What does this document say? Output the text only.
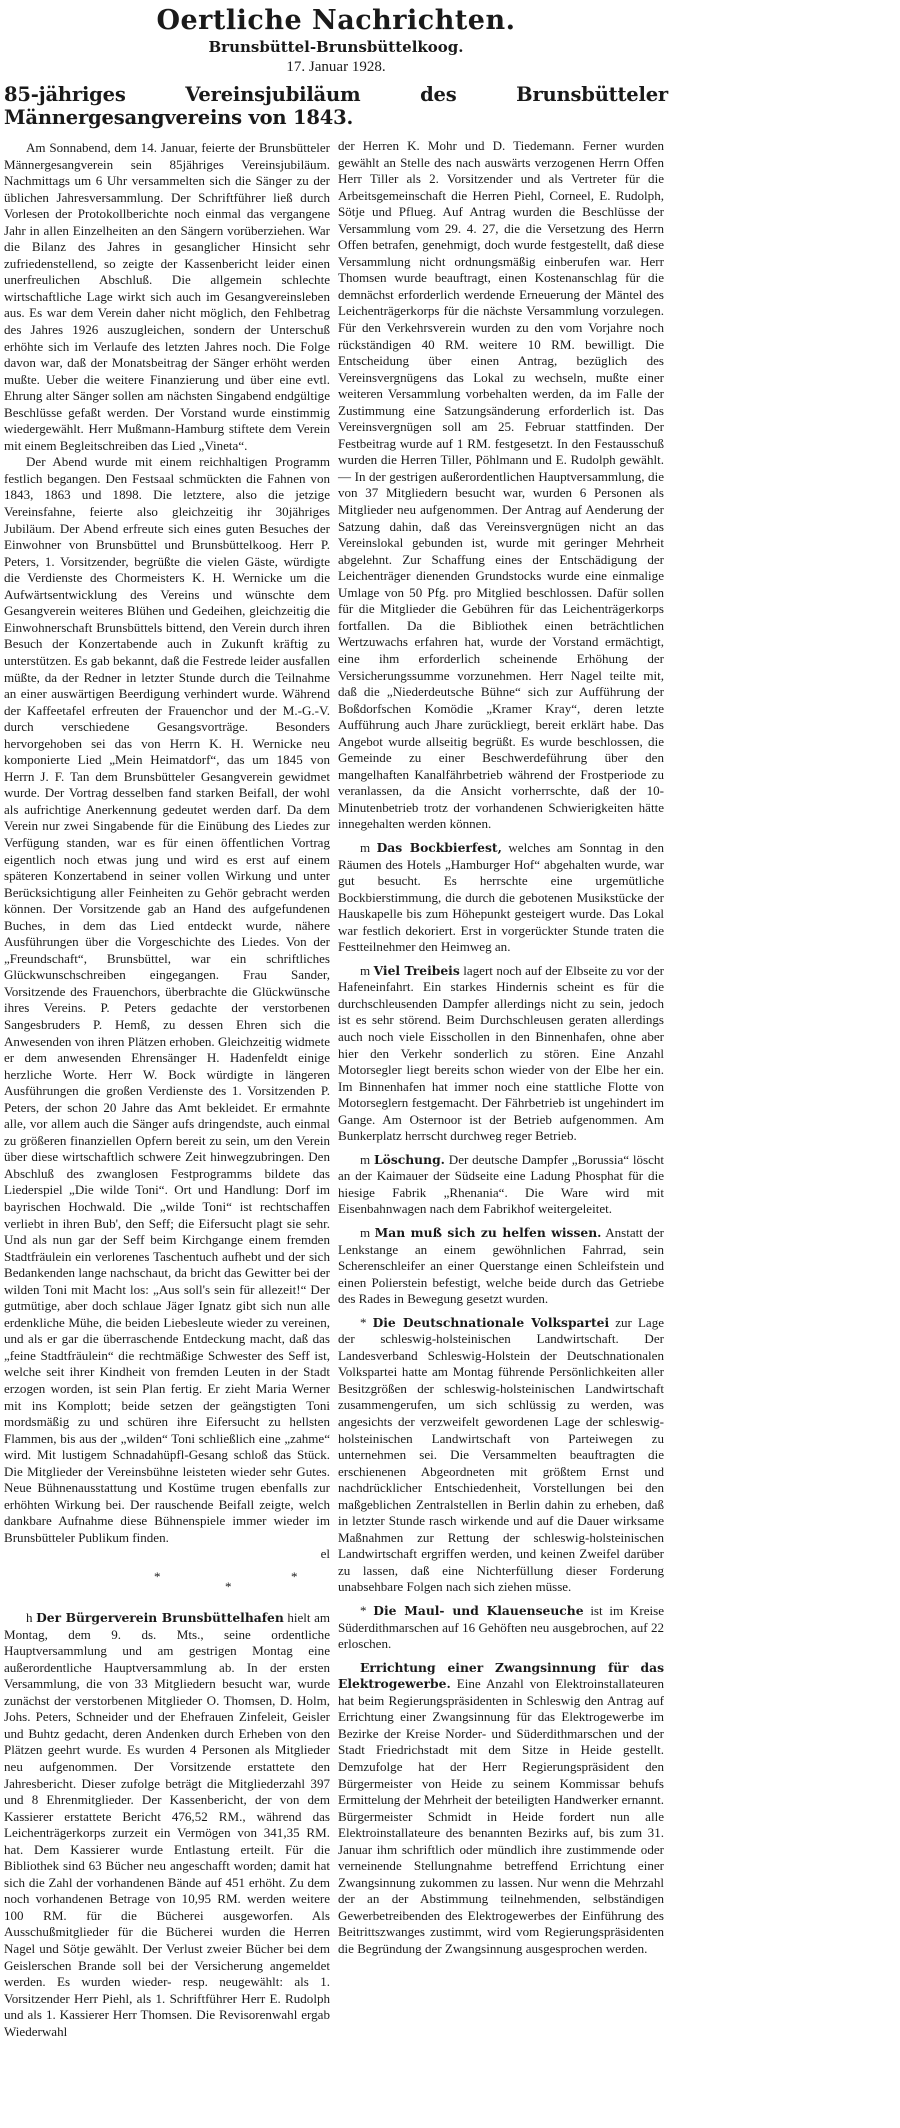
Oertliche Nachrichten.
Brunsbüttel-Brunsbüttelkoog.
17. Januar 1928.
85-jähriges Vereinsjubiläum des Brunsbütteler Männergesangvereins von 1843.

Am Sonnabend, dem 14. Januar, feierte der Brunsbütteler Männergesangverein sein 85jähriges Vereinsjubiläum. Nachmittags um 6 Uhr versammelten sich die Sänger zu der üblichen Jahresversammlung. Der Schriftführer ließ durch Vorlesen der Protokollberichte noch einmal das vergangene Jahr in allen Einzelheiten an den Sängern vorüberziehen. War die Bilanz des Jahres in gesanglicher Hinsicht sehr zufriedenstellend, so zeigte der Kassenbericht leider einen unerfreulichen Abschluß. Die allgemein schlechte wirtschaftliche Lage wirkt sich auch im Gesangvereinsleben aus. Es war dem Verein daher nicht möglich, den Fehlbetrag des Jahres 1926 auszugleichen, sondern der Unterschuß erhöhte sich im Verlaufe des letzten Jahres noch. Die Folge davon war, daß der Monatsbeitrag der Sänger erhöht werden mußte. Ueber die weitere Finanzierung und über eine evtl. Ehrung alter Sänger sollen am nächsten Singabend endgültige Beschlüsse gefaßt werden. Der Vorstand wurde einstimmig wiedergewählt. Herr Mußmann-Hamburg stiftete dem Verein mit einem Begleitschreiben das Lied „Vineta“.

Der Abend wurde mit einem reichhaltigen Programm festlich begangen. Den Festsaal schmückten die Fahnen von 1843, 1863 und 1898. Die letztere, also die jetzige Vereinsfahne, feierte also gleichzeitig ihr 30jähriges Jubiläum. Der Abend erfreute sich eines guten Besuches der Einwohner von Brunsbüttel und Brunsbüttelkoog. Herr P. Peters, 1. Vorsitzender, begrüßte die vielen Gäste, würdigte die Verdienste des Chormeisters K. H. Wernicke um die Aufwärtsentwicklung des Vereins und wünschte dem Gesangverein weiteres Blühen und Gedeihen, gleichzeitig die Einwohnerschaft Brunsbüttels bittend, den Verein durch ihren Besuch der Konzertabende auch in Zukunft kräftig zu unterstützen. Es gab bekannt, daß die Festrede leider ausfallen müßte, da der Redner in letzter Stunde durch die Teilnahme an einer auswärtigen Beerdigung verhindert wurde. Während der Kaffeetafel erfreuten der Frauenchor und der M.-G.-V. durch verschiedene Gesangsvorträge. Besonders hervorgehoben sei das von Herrn K. H. Wernicke neu komponierte Lied „Mein Heimatdorf“, das um 1845 von Herrn J. F. Tan dem Brunsbütteler Gesangverein gewidmet wurde. Der Vortrag desselben fand starken Beifall, der wohl als aufrichtige Anerkennung gedeutet werden darf. Da dem Verein nur zwei Singabende für die Einübung des Liedes zur Verfügung standen, war es für einen öffentlichen Vortrag eigentlich noch etwas jung und wird es erst auf einem späteren Konzertabend in seiner vollen Wirkung und unter Berücksichtigung aller Feinheiten zu Gehör gebracht werden können. Der Vorsitzende gab an Hand des aufgefundenen Buches, in dem das Lied entdeckt wurde, nähere Ausführungen über die Vorgeschichte des Liedes. Von der „Freundschaft“, Brunsbüttel, war ein schriftliches Glückwunschschreiben eingegangen. Frau Sander, Vorsitzende des Frauenchors, überbrachte die Glückwünsche ihres Vereins. P. Peters gedachte der verstorbenen Sangesbruders P. Hemß, zu dessen Ehren sich die Anwesenden von ihren Plätzen erhoben. Gleichzeitig widmete er dem anwesenden Ehrensänger H. Hadenfeldt einige herzliche Worte. Herr W. Bock würdigte in längeren Ausführungen die großen Verdienste des 1. Vorsitzenden P. Peters, der schon 20 Jahre das Amt bekleidet. Er ermahnte alle, vor allem auch die Sänger aufs dringendste, auch einmal zu größeren finanziellen Opfern bereit zu sein, um den Verein über diese wirtschaftlich schwere Zeit hinwegzubringen. Den Abschluß des zwanglosen Festprogramms bildete das Liederspiel „Die wilde Toni“. Ort und Handlung: Dorf im bayrischen Hochwald. Die „wilde Toni“ ist rechtschaffen verliebt in ihren Bub', den Seff; die Eifersucht plagt sie sehr. Und als nun gar der Seff beim Kirchgange einem fremden Stadtfräulein ein verlorenes Taschentuch aufhebt und der sich Bedankenden lange nachschaut, da bricht das Gewitter bei der wilden Toni mit Macht los: „Aus soll's sein für allezeit!“ Der gutmütige, aber doch schlaue Jäger Ignatz gibt sich nun alle erdenkliche Mühe, die beiden Liebesleute wieder zu vereinen, und als er gar die überraschende Entdeckung macht, daß das „feine Stadtfräulein“ die rechtmäßige Schwester des Seff ist, welche seit ihrer Kindheit von fremden Leuten in der Stadt erzogen worden, ist sein Plan fertig. Er zieht Maria Werner mit ins Komplott; beide setzen der geängstigten Toni mordsmäßig zu und schüren ihre Eifersucht zu hellsten Flammen, bis aus der „wilden“ Toni schließlich eine „zahme“ wird. Mit lustigem Schnadahüpfl-Gesang schloß das Stück. Die Mitglieder der Vereinsbühne leisteten wieder sehr Gutes. Neue Bühnenausstattung und Kostüme trugen ebenfalls zur erhöhten Wirkung bei. Der rauschende Beifall zeigte, welch dankbare Aufnahme diese Bühnenspiele immer wieder im Brunsbütteler Publikum finden.

el

*
*
*

h Der Bürgerverein Brunsbüttelhafen hielt am Montag, dem 9. ds. Mts., seine ordentliche Hauptversammlung und am gestrigen Montag eine außerordentliche Hauptversammlung ab. In der ersten Versammlung, die von 33 Mitgliedern besucht war, wurde zunächst der verstorbenen Mitglieder O. Thomsen, D. Holm, Johs. Peters, Schneider und der Ehefrauen Zinfeleit, Geisler und Buhtz gedacht, deren Andenken durch Erheben von den Plätzen geehrt wurde. Es wurden 4 Personen als Mitglieder neu aufgenommen. Der Vorsitzende erstattete den Jahresbericht. Dieser zufolge beträgt die Mitgliederzahl 397 und 8 Ehrenmitglieder. Der Kassenbericht, der von dem Kassierer erstattete Bericht 476,52 RM., während das Leichenträgerkorps zurzeit ein Vermögen von 341,35 RM. hat. Dem Kassierer wurde Entlastung erteilt. Für die Bibliothek sind 63 Bücher neu angeschafft worden; damit hat sich die Zahl der vorhandenen Bände auf 451 erhöht. Zu dem noch vorhandenen Betrage von 10,95 RM. werden weitere 100 RM. für die Bücherei ausgeworfen. Als Ausschußmitglieder für die Bücherei wurden die Herren Nagel und Sötje gewählt. Der Verlust zweier Bücher bei dem Geislerschen Brande soll bei der Versicherung angemeldet werden. Es wurden wieder- resp. neugewählt: als 1. Vorsitzender Herr Piehl, als 1. Schriftführer Herr E. Rudolph und als 1. Kassierer Herr Thomsen. Die Revisorenwahl ergab Wiederwahl

der Herren K. Mohr und D. Tiedemann. Ferner wurden gewählt an Stelle des nach auswärts verzogenen Herrn Offen Herr Tiller als 2. Vorsitzender und als Vertreter für die Arbeitsgemeinschaft die Herren Piehl, Corneel, E. Rudolph, Sötje und Pflueg. Auf Antrag wurden die Beschlüsse der Versammlung vom 29. 4. 27, die die Versetzung des Herrn Offen betrafen, genehmigt, doch wurde festgestellt, daß diese Versammlung nicht ordnungsmäßig einberufen war. Herr Thomsen wurde beauftragt, einen Kostenanschlag für die demnächst erforderlich werdende Erneuerung der Mäntel des Leichenträgerkorps für die nächste Versammlung vorzulegen. Für den Verkehrsverein wurden zu den vom Vorjahre noch rückständigen 40 RM. weitere 10 RM. bewilligt. Die Entscheidung über einen Antrag, bezüglich des Vereinsvergnügens das Lokal zu wechseln, mußte einer weiteren Versammlung vorbehalten werden, da im Falle der Zustimmung eine Satzungsänderung erforderlich ist. Das Vereinsvergnügen soll am 25. Februar stattfinden. Der Festbeitrag wurde auf 1 RM. festgesetzt. In den Festausschuß wurden die Herren Tiller, Pöhlmann und E. Rudolph gewählt. — In der gestrigen außerordentlichen Hauptversammlung, die von 37 Mitgliedern besucht war, wurden 6 Personen als Mitglieder neu aufgenommen. Der Antrag auf Aenderung der Satzung dahin, daß das Vereinsvergnügen nicht an das Vereinslokal gebunden ist, wurde mit geringer Mehrheit abgelehnt. Zur Schaffung eines der Entschädigung der Leichenträger dienenden Grundstocks wurde eine einmalige Umlage von 50 Pfg. pro Mitglied beschlossen. Dafür sollen für die Mitglieder die Gebühren für das Leichenträgerkorps fortfallen. Da die Bibliothek einen beträchtlichen Wertzuwachs erfahren hat, wurde der Vorstand ermächtigt, eine ihm erforderlich scheinende Erhöhung der Versicherungssumme vorzunehmen. Herr Nagel teilte mit, daß die „Niederdeutsche Bühne“ sich zur Aufführung der Boßdorfschen Komödie „Kramer Kray“, deren letzte Aufführung auch Jhare zurückliegt, bereit erklärt habe. Das Angebot wurde allseitig begrüßt. Es wurde beschlossen, die Gemeinde zu einer Beschwerdeführung über den mangelhaften Kanalfährbetrieb während der Frostperiode zu veranlassen, da die Ansicht vorherrschte, daß der 10-Minutenbetrieb trotz der vorhandenen Schwierigkeiten hätte innegehalten werden können.

m Das Bockbierfest, welches am Sonntag in den Räumen des Hotels „Hamburger Hof“ abgehalten wurde, war gut besucht. Es herrschte eine urgemütliche Bockbierstimmung, die durch die gebotenen Musikstücke der Hauskapelle bis zum Höhepunkt gesteigert wurde. Das Lokal war festlich dekoriert. Erst in vorgerückter Stunde traten die Festteilnehmer den Heimweg an.

m Viel Treibeis lagert noch auf der Elbseite zu vor der Hafeneinfahrt. Ein starkes Hindernis scheint es für die durchschleusenden Dampfer allerdings nicht zu sein, jedoch ist es sehr störend. Beim Durchschleusen geraten allerdings auch noch viele Eisschollen in den Binnenhafen, ohne aber hier den Verkehr sonderlich zu stören. Eine Anzahl Motorsegler liegt bereits schon wieder von der Elbe her ein. Im Binnenhafen hat immer noch eine stattliche Flotte von Motorseglern festgemacht. Der Fährbetrieb ist ungehindert im Gange. Am Osternoor ist der Betrieb aufgenommen. Am Bunkerplatz herrscht durchweg reger Betrieb.

m Löschung. Der deutsche Dampfer „Borussia“ löscht an der Kaimauer der Südseite eine Ladung Phosphat für die hiesige Fabrik „Rhenania“. Die Ware wird mit Eisenbahnwagen nach dem Fabrikhof weitergeleitet.

m Man muß sich zu helfen wissen. Anstatt der Lenkstange an einem gewöhnlichen Fahrrad, sein Scherenschleifer an einer Querstange einen Schleifstein und einen Polierstein befestigt, welche beide durch das Getriebe des Rades in Bewegung gesetzt wurden.

* Die Deutschnationale Volkspartei zur Lage der schleswig-holsteinischen Landwirtschaft. Der Landesverband Schleswig-Holstein der Deutschnationalen Volkspartei hatte am Montag führende Persönlichkeiten aller Besitzgrößen der schleswig-holsteinischen Landwirtschaft zusammengerufen, um sich schlüssig zu werden, was angesichts der verzweifelt gewordenen Lage der schleswig-holsteinischen Landwirtschaft von Parteiwegen zu unternehmen sei. Die Versammelten beauftragten die erschienenen Abgeordneten mit größtem Ernst und nachdrücklicher Entschiedenheit, Vorstellungen bei den maßgeblichen Zentralstellen in Berlin dahin zu erheben, daß in letzter Stunde rasch wirkende und auf die Dauer wirksame Maßnahmen zur Rettung der schleswig-holsteinischen Landwirtschaft ergriffen werden, und keinen Zweifel darüber zu lassen, daß eine Nichterfüllung dieser Forderung unabsehbare Folgen nach sich ziehen müsse.

* Die Maul- und Klauenseuche ist im Kreise Süderdithmarschen auf 16 Gehöften neu ausgebrochen, auf 22 erloschen.

Errichtung einer Zwangsinnung für das Elektrogewerbe. Eine Anzahl von Elektroinstallateuren hat beim Regierungspräsidenten in Schleswig den Antrag auf Errichtung einer Zwangsinnung für das Elektrogewerbe im Bezirke der Kreise Norder- und Süderdithmarschen und der Stadt Friedrichstadt mit dem Sitze in Heide gestellt. Demzufolge hat der Herr Regierungspräsident den Bürgermeister von Heide zu seinem Kommissar behufs Ermittelung der Mehrheit der beteiligten Handwerker ernannt. Bürgermeister Schmidt in Heide fordert nun alle Elektroinstallateure des benannten Bezirks auf, bis zum 31. Januar ihm schriftlich oder mündlich ihre zustimmende oder verneinende Stellungnahme betreffend Errichtung einer Zwangsinnung zukommen zu lassen. Nur wenn die Mehrzahl der an der Abstimmung teilnehmenden, selbständigen Gewerbetreibenden des Elektrogewerbes der Einführung des Beitrittszwanges zustimmt, wird vom Regierungspräsidenten die Begründung der Zwangsinnung ausgesprochen werden.
